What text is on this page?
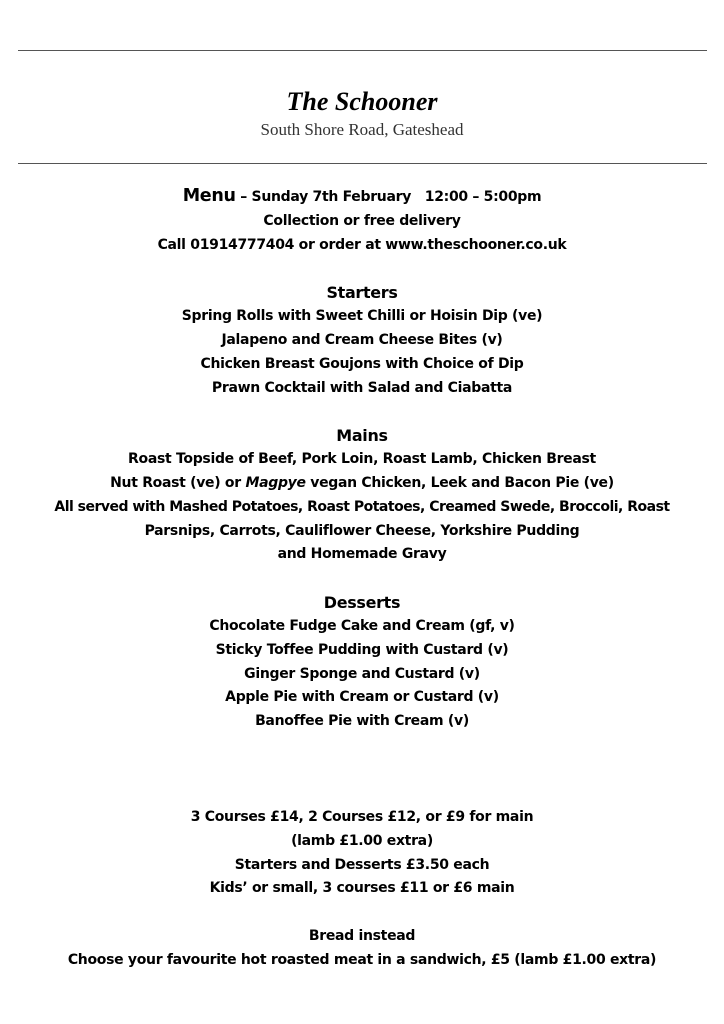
The Schooner
South Shore Road, Gateshead
Menu – Sunday 7th February   12:00 – 5:00pm
Collection or free delivery
Call 01914777404 or order at www.theschooner.co.uk
Starters
Spring Rolls with Sweet Chilli or Hoisin Dip (ve)
Jalapeno and Cream Cheese Bites (v)
Chicken Breast Goujons with Choice of Dip
Prawn Cocktail with Salad and Ciabatta
Mains
Roast Topside of Beef, Pork Loin, Roast Lamb, Chicken Breast
Nut Roast (ve) or Magpye vegan Chicken, Leek and Bacon Pie (ve)
All served with Mashed Potatoes, Roast Potatoes, Creamed Swede, Broccoli, Roast
Parsnips, Carrots, Cauliflower Cheese, Yorkshire Pudding
and Homemade Gravy
Desserts
Chocolate Fudge Cake and Cream (gf, v)
Sticky Toffee Pudding with Custard (v)
Ginger Sponge and Custard (v)
Apple Pie with Cream or Custard (v)
Banoffee Pie with Cream (v)
3 Courses £14, 2 Courses £12, or £9 for main
(lamb £1.00 extra)
Starters and Desserts £3.50 each
Kids’ or small, 3 courses £11 or £6 main
Bread instead
Choose your favourite hot roasted meat in a sandwich, £5 (lamb £1.00 extra)
